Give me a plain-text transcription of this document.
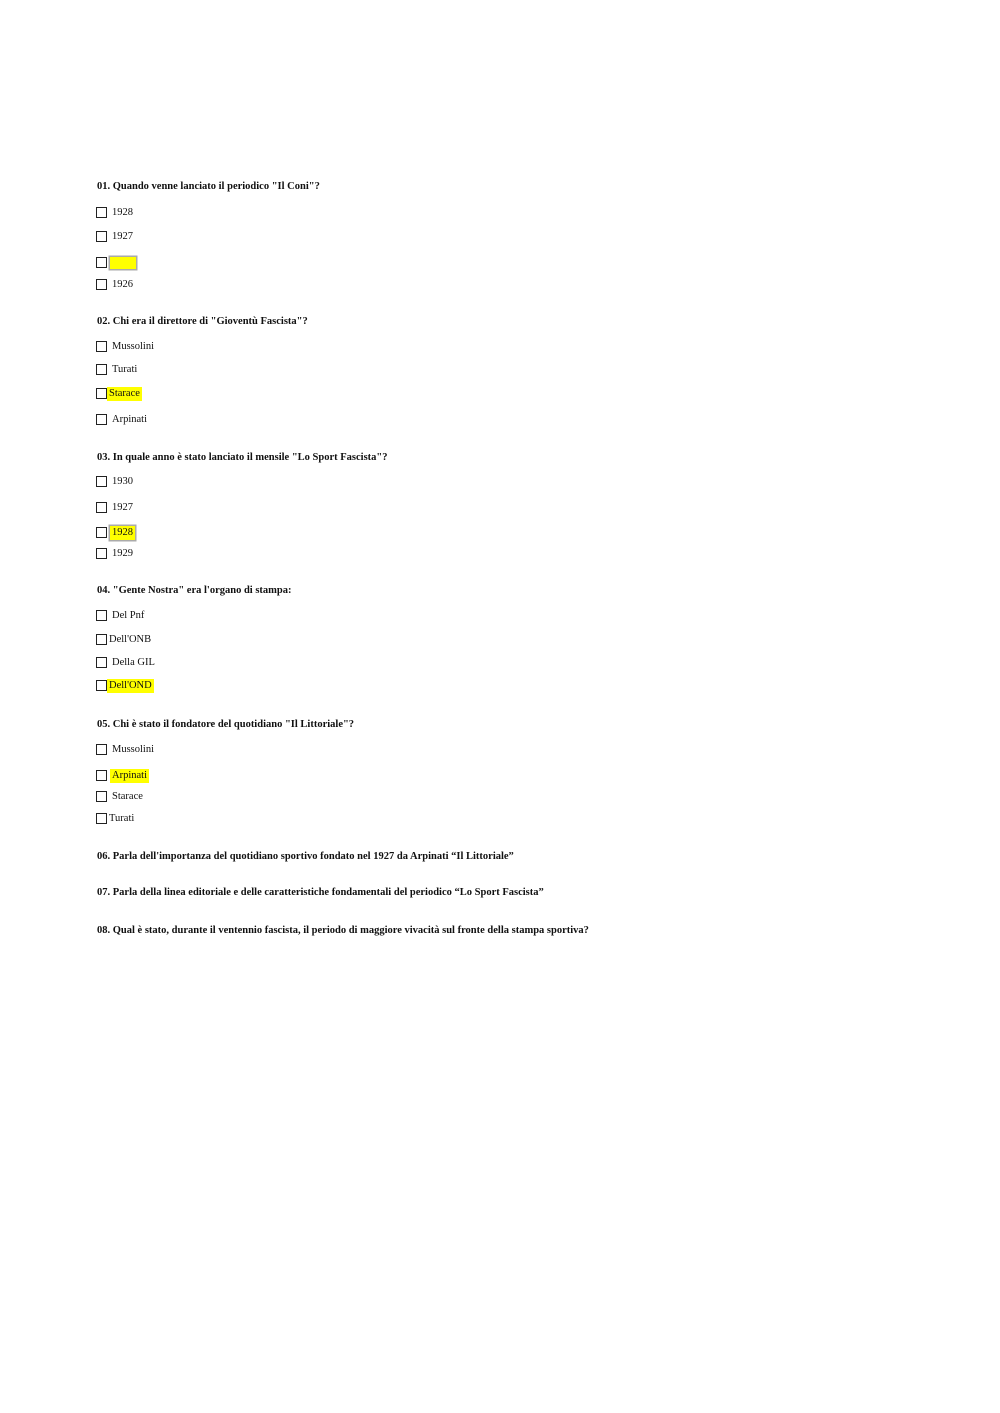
01. Quando venne lanciato il periodico "Il Coni"?
1928
1927
1926
02. Chi era il direttore di "Gioventù Fascista"?
Mussolini
Turati
Starace
Arpinati
03. In quale anno è stato lanciato il mensile "Lo Sport Fascista"?
1930
1927
1928
1929
04. "Gente Nostra" era l'organo di stampa:
Del Pnf
Dell'ONB
Della GIL
Dell'OND
05. Chi è stato il fondatore del quotidiano "Il Littoriale"?
Mussolini
Arpinati
Starace
Turati
06. Parla dell'importanza del quotidiano sportivo fondato nel 1927 da Arpinati “Il Littoriale”
07. Parla della linea editoriale e delle caratteristiche fondamentali del periodico “Lo Sport Fascista”
08. Qual è stato, durante il ventennio fascista, il periodo di maggiore vivacità sul fronte della stampa sportiva?
